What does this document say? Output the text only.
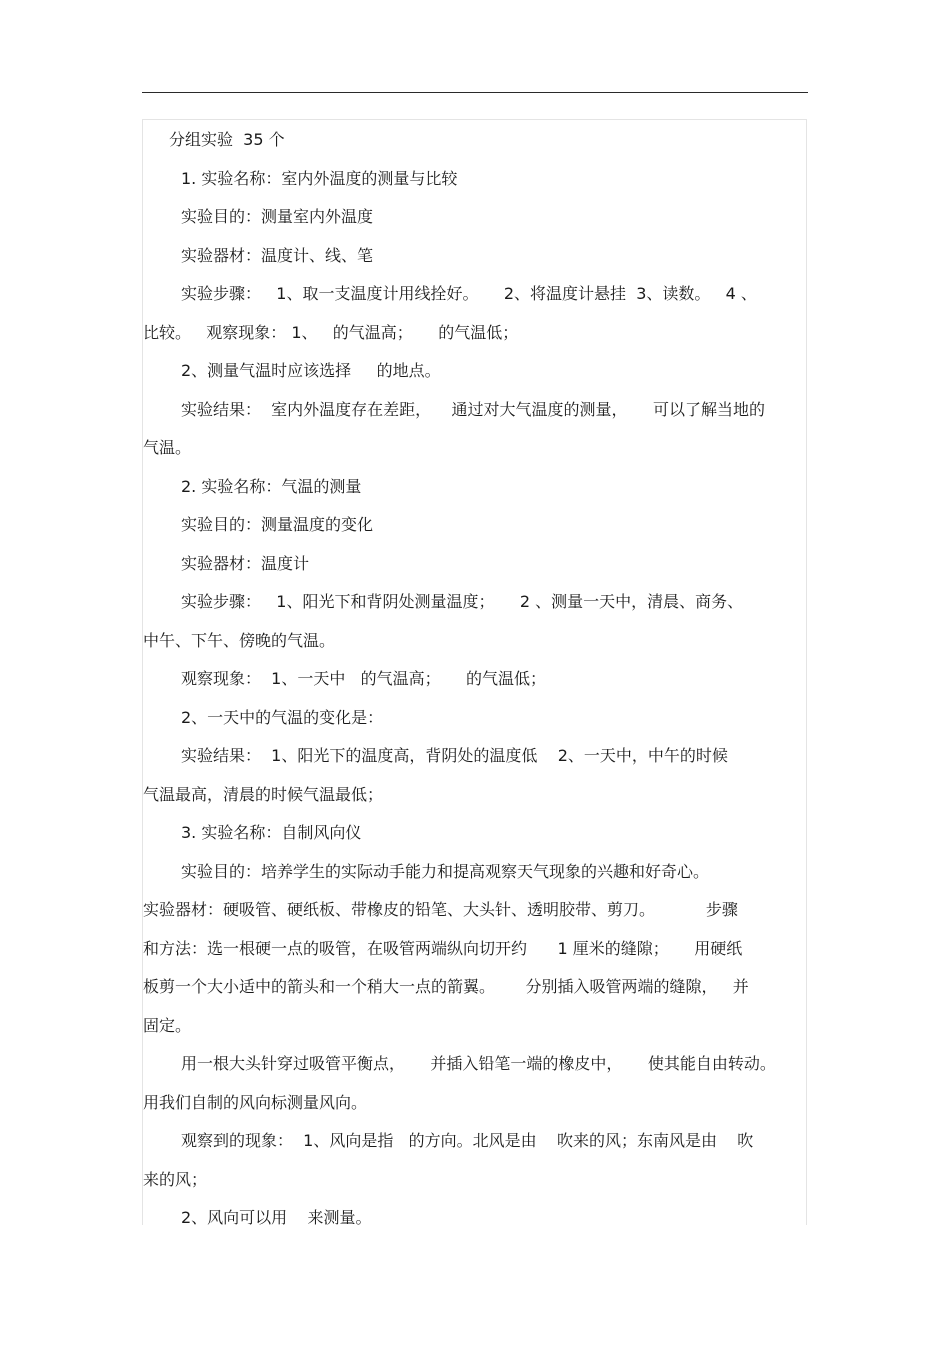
分组实验  35 个

1. 实验名称：室内外温度的测量与比较

实验目的：测量室内外温度

实验器材：温度计、线、笔

实验步骤：   1、取一支温度计用线拴好。     2、将温度计悬挂  3、读数。   4 、

比较。   观察现象： 1、   的气温高；     的气温低；

2、测量气温时应该选择     的地点。

实验结果：  室内外温度存在差距，    通过对大气温度的测量，     可以了解当地的

气温。

2. 实验名称：气温的测量

实验目的：测量温度的变化

实验器材：温度计

实验步骤：   1、阳光下和背阴处测量温度；     2 、测量一天中，清晨、商务、

中午、下午、傍晚的气温。

观察现象：  1、一天中   的气温高；     的气温低；

2、一天中的气温的变化是：

实验结果：  1、阳光下的温度高，背阴处的温度低    2、一天中，中午的时候

气温最高，清晨的时候气温最低；

3. 实验名称：自制风向仪

实验目的：培养学生的实际动手能力和提高观察天气现象的兴趣和好奇心。

实验器材：硬吸管、硬纸板、带橡皮的铅笔、大头针、透明胶带、剪刀。          步骤

和方法：选一根硬一点的吸管，在吸管两端纵向切开约      1 厘米的缝隙；     用硬纸

板剪一个大小适中的箭头和一个稍大一点的箭翼。      分别插入吸管两端的缝隙，   并

固定。

用一根大头针穿过吸管平衡点，     并插入铅笔一端的橡皮中，     使其能自由转动。

用我们自制的风向标测量风向。

观察到的现象：  1、风向是指   的方向。北风是由    吹来的风；东南风是由    吹

来的风；

2、风向可以用    来测量。
